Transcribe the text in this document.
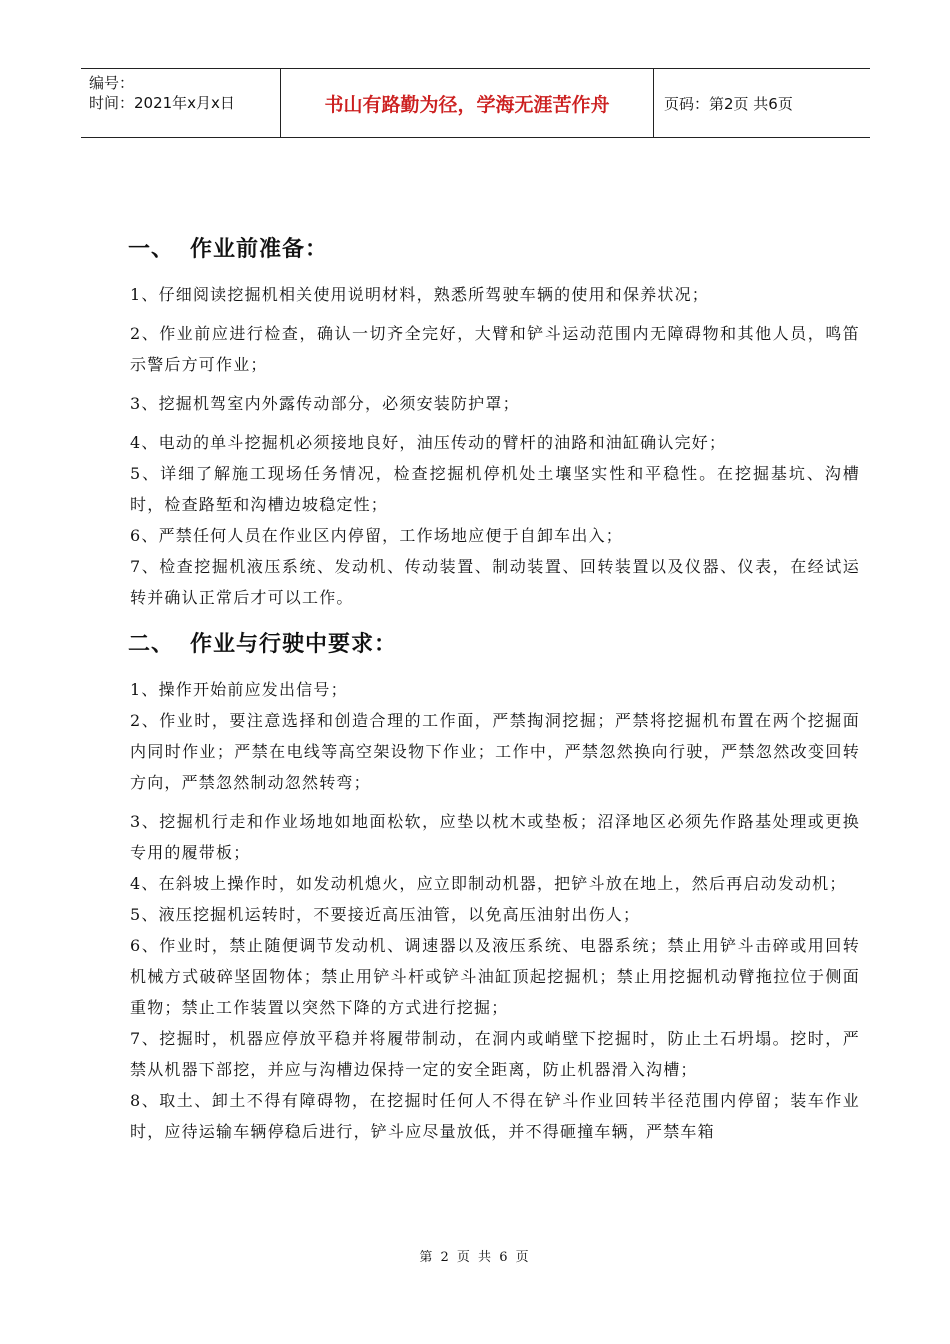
编号：
时间：2021年x月x日	书山有路勤为径，学海无涯苦作舟	页码：第2页 共6页
一、 作业前准备：

1、仔细阅读挖掘机相关使用说明材料，熟悉所驾驶车辆的使用和保养状况；

2、作业前应进行检查，确认一切齐全完好，大臂和铲斗运动范围内无障碍物和其他人员，鸣笛示警后方可作业；

3、挖掘机驾室内外露传动部分，必须安装防护罩；

4、电动的单斗挖掘机必须接地良好，油压传动的臂杆的油路和油缸确认完好；

5、详细了解施工现场任务情况，检查挖掘机停机处土壤坚实性和平稳性。在挖掘基坑、沟槽时，检查路堑和沟槽边坡稳定性；

6、严禁任何人员在作业区内停留，工作场地应便于自卸车出入；

7、检查挖掘机液压系统、发动机、传动装置、制动装置、回转装置以及仪器、仪表，在经试运转并确认正常后才可以工作。

二、 作业与行驶中要求：

1、操作开始前应发出信号；

2、作业时，要注意选择和创造合理的工作面，严禁掏洞挖掘；严禁将挖掘机布置在两个挖掘面内同时作业；严禁在电线等高空架设物下作业；工作中，严禁忽然换向行驶，严禁忽然改变回转方向，严禁忽然制动忽然转弯；

3、挖掘机行走和作业场地如地面松软，应垫以枕木或垫板；沼泽地区必须先作路基处理或更换专用的履带板；

4、在斜坡上操作时，如发动机熄火，应立即制动机器，把铲斗放在地上，然后再启动发动机；

5、液压挖掘机运转时，不要接近高压油管，以免高压油射出伤人；

6、作业时，禁止随便调节发动机、调速器以及液压系统、电器系统；禁止用铲斗击碎或用回转机械方式破碎坚固物体；禁止用铲斗杆或铲斗油缸顶起挖掘机；禁止用挖掘机动臂拖拉位于侧面重物；禁止工作装置以突然下降的方式进行挖掘；

7、挖掘时，机器应停放平稳并将履带制动，在洞内或峭壁下挖掘时，防止土石坍塌。挖时，严禁从机器下部挖，并应与沟槽边保持一定的安全距离，防止机器滑入沟槽；

8、取土、卸土不得有障碍物，在挖掘时任何人不得在铲斗作业回转半径范围内停留；装车作业时，应待运输车辆停稳后进行，铲斗应尽量放低，并不得砸撞车辆，严禁车箱

第 2 页 共 6 页
